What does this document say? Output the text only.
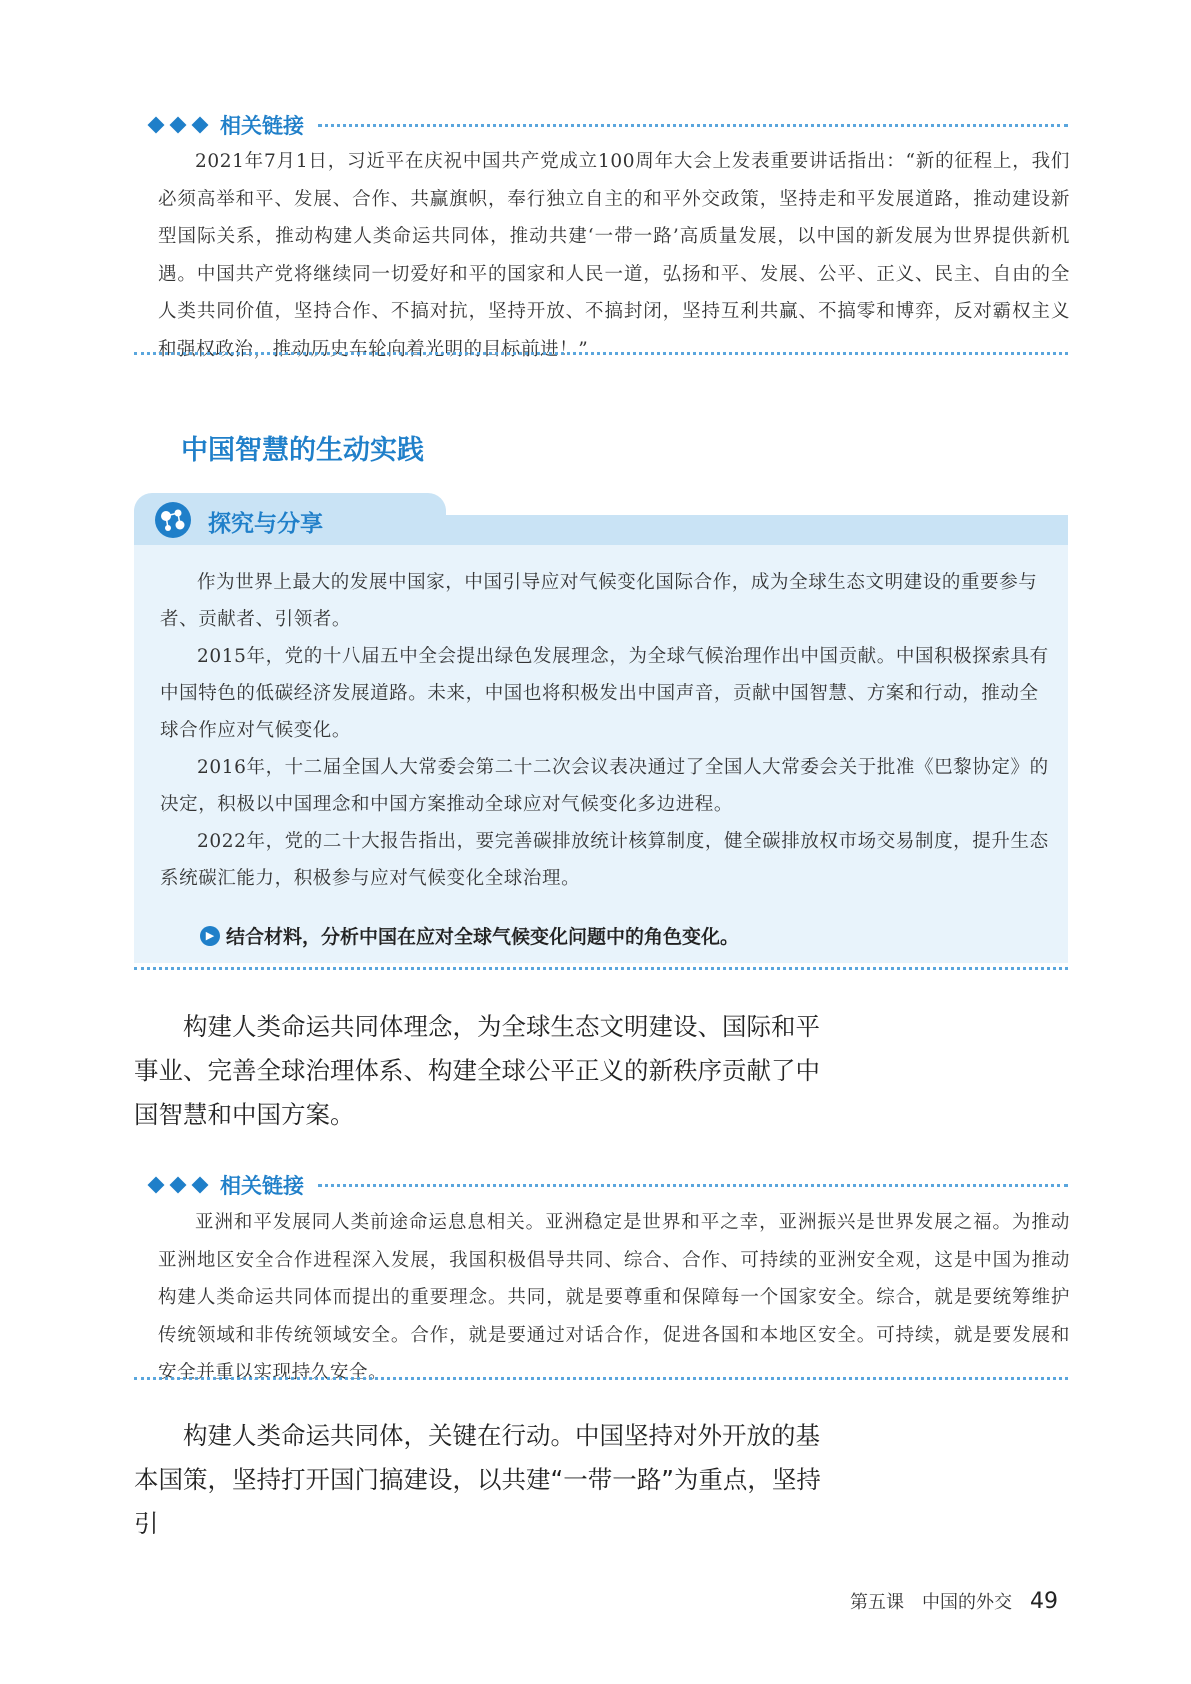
相关链接

2021年7月1日，习近平在庆祝中国共产党成立100周年大会上发表重要讲话指出：“新的征程上，我们必须高举和平、发展、合作、共赢旗帜，奉行独立自主的和平外交政策，坚持走和平发展道路，推动建设新型国际关系，推动构建人类命运共同体，推动共建‘一带一路’高质量发展，以中国的新发展为世界提供新机遇。中国共产党将继续同一切爱好和平的国家和人民一道，弘扬和平、发展、公平、正义、民主、自由的全人类共同价值，坚持合作、不搞对抗，坚持开放、不搞封闭，坚持互利共赢、不搞零和博弈，反对霸权主义和强权政治，推动历史车轮向着光明的目标前进！”

中国智慧的生动实践
探究与分享

作为世界上最大的发展中国家，中国引导应对气候变化国际合作，成为全球生态文明建设的重要参与者、贡献者、引领者。

2015年，党的十八届五中全会提出绿色发展理念，为全球气候治理作出中国贡献。中国积极探索具有中国特色的低碳经济发展道路。未来，中国也将积极发出中国声音，贡献中国智慧、方案和行动，推动全球合作应对气候变化。

2016年，十二届全国人大常委会第二十二次会议表决通过了全国人大常委会关于批准《巴黎协定》的决定，积极以中国理念和中国方案推动全球应对气候变化多边进程。

2022年，党的二十大报告指出，要完善碳排放统计核算制度，健全碳排放权市场交易制度，提升生态系统碳汇能力，积极参与应对气候变化全球治理。

▶ 结合材料，分析中国在应对全球气候变化问题中的角色变化。

构建人类命运共同体理念，为全球生态文明建设、国际和平事业、完善全球治理体系、构建全球公平正义的新秩序贡献了中国智慧和中国方案。

相关链接

亚洲和平发展同人类前途命运息息相关。亚洲稳定是世界和平之幸，亚洲振兴是世界发展之福。为推动亚洲地区安全合作进程深入发展，我国积极倡导共同、综合、合作、可持续的亚洲安全观，这是中国为推动构建人类命运共同体而提出的重要理念。共同，就是要尊重和保障每一个国家安全。综合，就是要统筹维护传统领域和非传统领域安全。合作，就是要通过对话合作，促进各国和本地区安全。可持续，就是要发展和安全并重以实现持久安全。

构建人类命运共同体，关键在行动。中国坚持对外开放的基本国策，坚持打开国门搞建设，以共建“一带一路”为重点，坚持引

第五课　中国的外交 49
